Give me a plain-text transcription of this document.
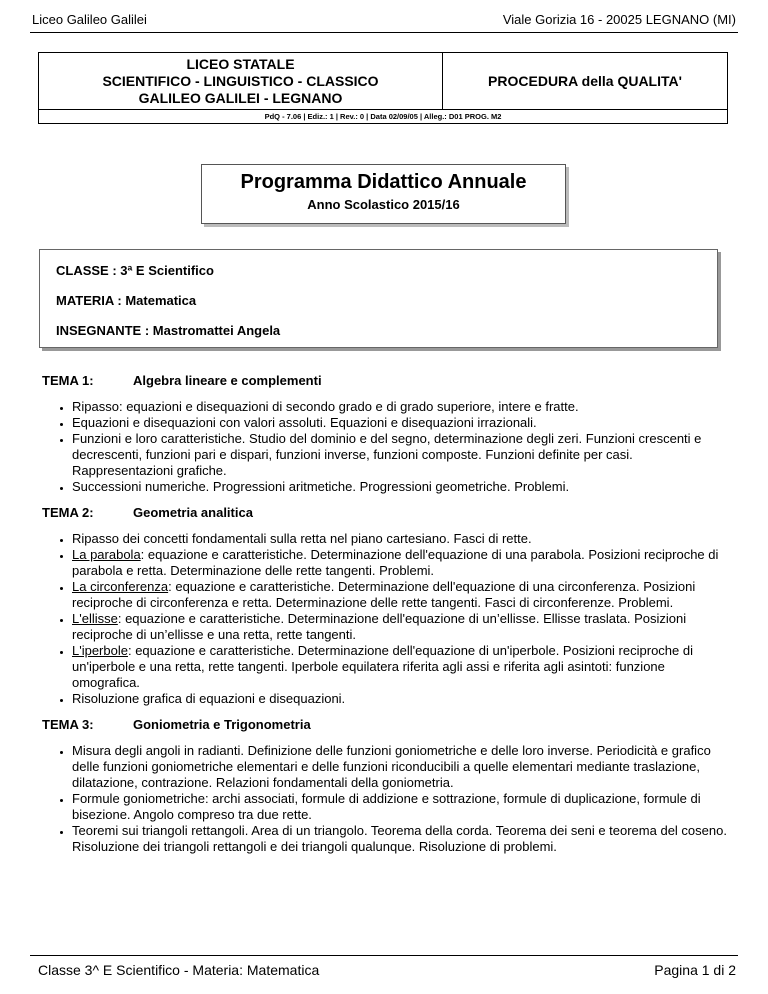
Liceo Galileo Galilei	Viale Gorizia 16 - 20025 LEGNANO (MI)
LICEO STATALE
SCIENTIFICO - LINGUISTICO - CLASSICO
GALILEO GALILEI - LEGNANO
	PROCEDURA della QUALITA'
PdQ - 7.06 | Ediz.: 1 | Rev.: 0 | Data 02/09/05 | Alleg.: D01 PROG. M2
Programma Didattico Annuale
Anno Scolastico 2015/16
CLASSE : 3ª E Scientifico
MATERIA : Matematica
INSEGNANTE : Mastromattei Angela
TEMA 1:	Algebra lineare e complementi
• Ripasso: equazioni e disequazioni di secondo grado e di grado superiore, intere e fratte.
• Equazioni e disequazioni con valori assoluti. Equazioni e disequazioni irrazionali.
• Funzioni e loro caratteristiche. Studio del dominio e del segno, determinazione degli zeri. Funzioni crescenti e decrescenti, funzioni pari e dispari, funzioni inverse, funzioni composte. Funzioni definite per casi. Rappresentazioni grafiche.
• Successioni numeriche. Progressioni aritmetiche. Progressioni geometriche. Problemi.
TEMA 2:	Geometria analitica
• Ripasso dei concetti fondamentali sulla retta nel piano cartesiano. Fasci di rette.
• La parabola: equazione e caratteristiche. Determinazione dell'equazione di una parabola. Posizioni reciproche di parabola e retta. Determinazione delle rette tangenti. Problemi.
• La circonferenza: equazione e caratteristiche. Determinazione dell'equazione di una circonferenza. Posizioni reciproche di circonferenza e retta. Determinazione delle rette tangenti. Fasci di circonferenze. Problemi.
• L'ellisse: equazione e caratteristiche. Determinazione dell'equazione di un’ellisse. Ellisse traslata. Posizioni reciproche di un’ellisse e una retta, rette tangenti.
• L'iperbole: equazione e caratteristiche. Determinazione dell'equazione di un'iperbole. Posizioni reciproche di un'iperbole e una retta, rette tangenti. Iperbole equilatera riferita agli assi e riferita agli asintoti: funzione omografica.
• Risoluzione grafica di equazioni e disequazioni.
TEMA 3:	Goniometria e Trigonometria
• Misura degli angoli in radianti. Definizione delle funzioni goniometriche e delle loro inverse. Periodicità e grafico delle funzioni goniometriche elementari e delle funzioni riconducibili a quelle elementari mediante traslazione, dilatazione, contrazione. Relazioni fondamentali della goniometria.
• Formule goniometriche: archi associati, formule di addizione e sottrazione, formule di duplicazione, formule di bisezione. Angolo compreso tra due rette.
• Teoremi sui triangoli rettangoli. Area di un triangolo. Teorema della corda. Teorema dei seni e teorema del coseno. Risoluzione dei triangoli rettangoli e dei triangoli qualunque. Risoluzione di problemi.
Classe 3^ E Scientifico - Materia: Matematica	Pagina 1 di 2
